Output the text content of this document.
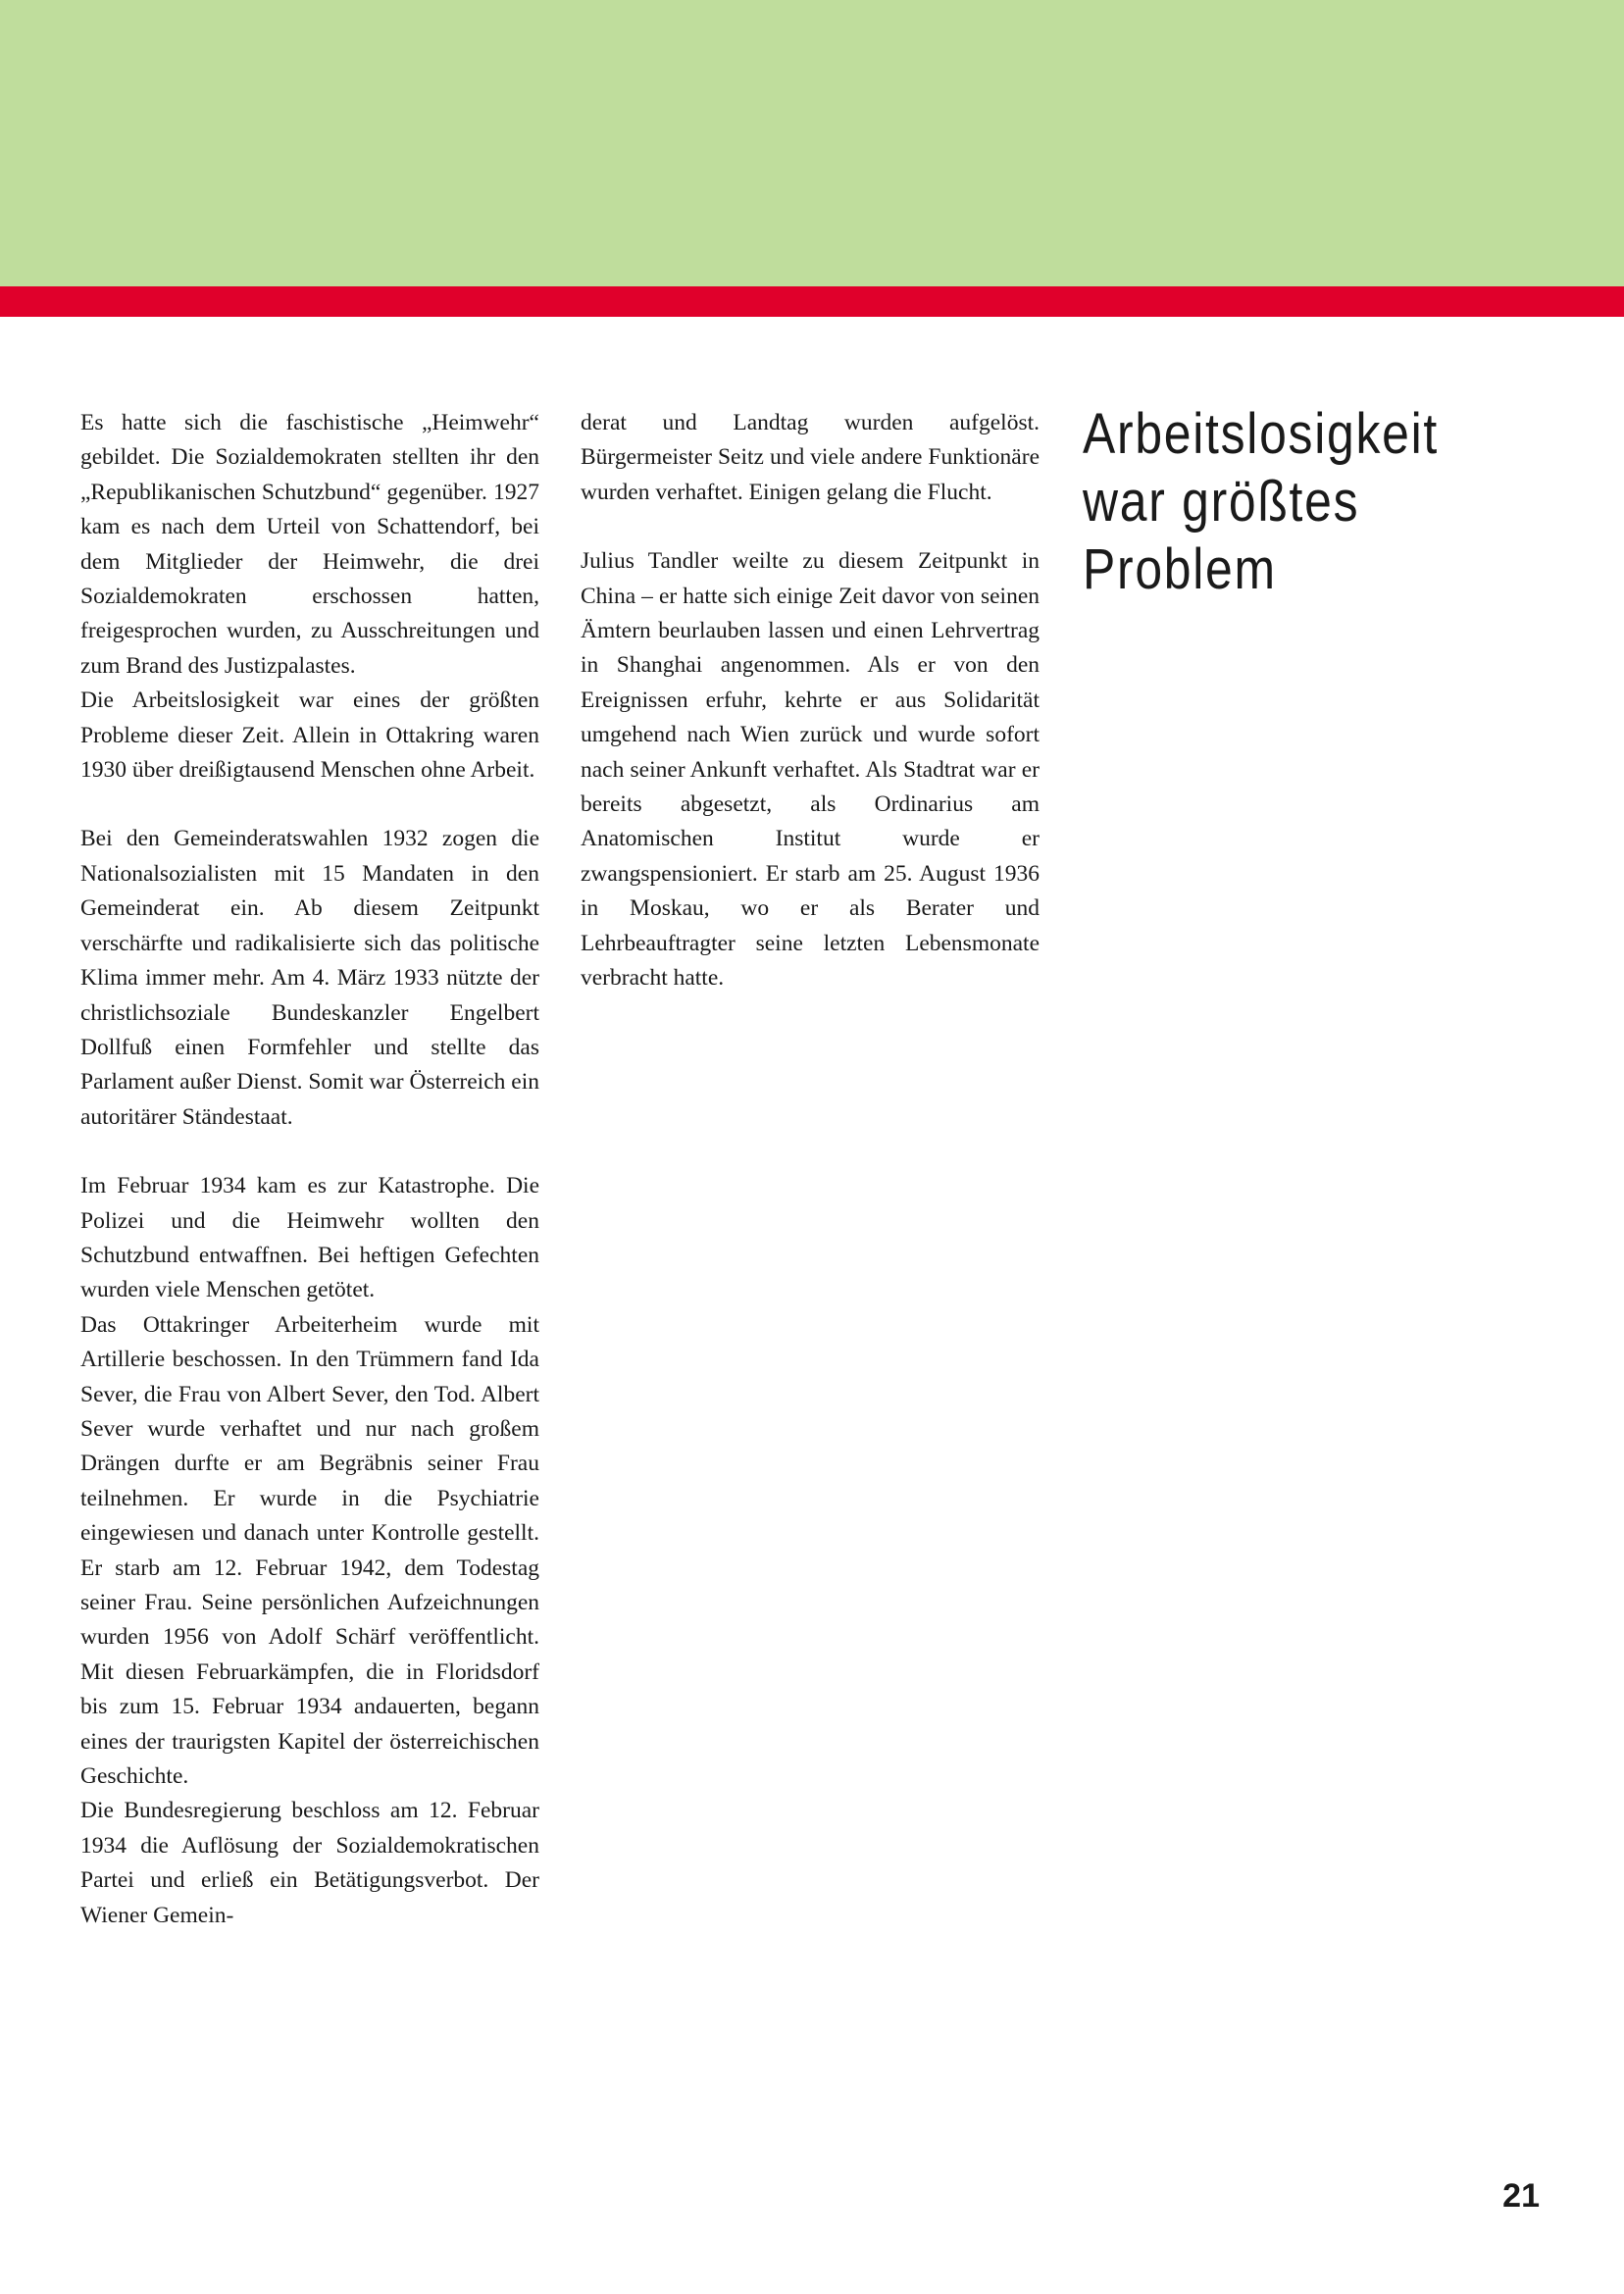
Es hatte sich die faschistische „Heimwehr“ gebildet. Die Sozialdemokraten stellten ihr den „Republikanischen Schutzbund“ gegenüber. 1927 kam es nach dem Urteil von Schattendorf, bei dem Mitglieder der Heimwehr, die drei Sozialdemokraten erschossen hatten, freigesprochen wurden, zu Ausschreitungen und zum Brand des Justizpalastes.

Die Arbeitslosigkeit war eines der größten Probleme dieser Zeit. Allein in Ottakring waren 1930 über dreißigtausend Menschen ohne Arbeit.

Bei den Gemeinderatswahlen 1932 zogen die Nationalsozialisten mit 15 Mandaten in den Gemeinderat ein. Ab diesem Zeitpunkt verschärfte und radikalisierte sich das politische Klima immer mehr. Am 4. März 1933 nützte der christlichsoziale Bundeskanzler Engelbert Dollfuß einen Formfehler und stellte das Parlament außer Dienst. Somit war Österreich ein autoritärer Ständestaat.

Im Februar 1934 kam es zur Katastrophe. Die Polizei und die Heimwehr wollten den Schutzbund entwaffnen. Bei heftigen Gefechten wurden viele Menschen getötet.

Das Ottakringer Arbeiterheim wurde mit Artillerie beschossen. In den Trümmern fand Ida Sever, die Frau von Albert Sever, den Tod. Albert Sever wurde verhaftet und nur nach großem Drängen durfte er am Begräbnis seiner Frau teilnehmen. Er wurde in die Psychiatrie eingewiesen und danach unter Kontrolle gestellt. Er starb am 12. Februar 1942, dem Todestag seiner Frau. Seine persönlichen Aufzeichnungen wurden 1956 von Adolf Schärf veröffentlicht. Mit diesen Februarkämpfen, die in Floridsdorf bis zum 15. Februar 1934 andauerten, begann eines der traurigsten Kapitel der österreichischen Geschichte.

Die Bundesregierung beschloss am 12. Februar 1934 die Auflösung der Sozialdemokratischen Partei und erließ ein Betätigungsverbot. Der Wiener Gemein-

derat und Landtag wurden aufgelöst. Bürgermeister Seitz und viele andere Funktionäre wurden verhaftet. Einigen gelang die Flucht.

Julius Tandler weilte zu diesem Zeitpunkt in China – er hatte sich einige Zeit davor von seinen Ämtern beurlauben lassen und einen Lehrvertrag in Shanghai angenommen. Als er von den Ereignissen erfuhr, kehrte er aus Solidarität umgehend nach Wien zurück und wurde sofort nach seiner Ankunft verhaftet. Als Stadtrat war er bereits abgesetzt, als Ordinarius am Anatomischen Institut wurde er zwangspensioniert. Er starb am 25. August 1936 in Moskau, wo er als Berater und Lehrbeauftragter seine letzten Lebensmonate verbracht hatte.

Arbeitslosigkeit
war größtes
Problem
21
